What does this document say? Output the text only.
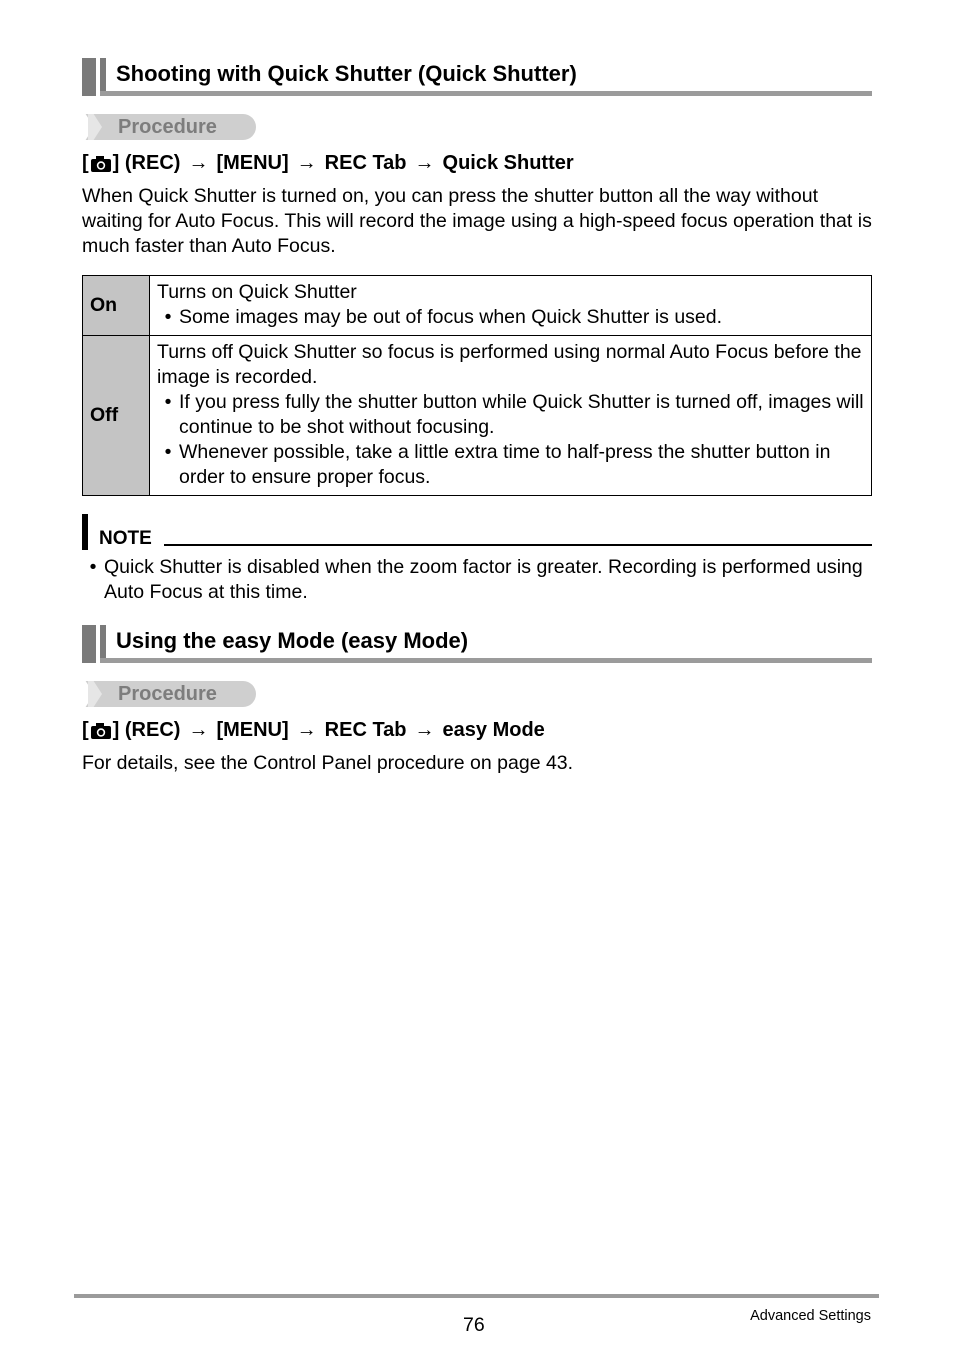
Shooting with Quick Shutter (Quick Shutter)
Procedure
[ ] (REC) → [MENU] → REC Tab → Quick Shutter
When Quick Shutter is turned on, you can press the shutter button all the way without waiting for Auto Focus. This will record the image using a high-speed focus operation that is much faster than Auto Focus.
On	Turns on Quick Shutter
• Some images may be out of focus when Quick Shutter is used.

Off	Turns off Quick Shutter so focus is performed using normal Auto Focus before the image is recorded.
• If you press fully the shutter button while Quick Shutter is turned off, images will continue to be shot without focusing.
• Whenever possible, take a little extra time to half-press the shutter button in order to ensure proper focus.
NOTE
• Quick Shutter is disabled when the zoom factor is greater. Recording is performed using Auto Focus at this time.
Using the easy Mode (easy Mode)
Procedure
[ ] (REC) → [MENU] → REC Tab → easy Mode
For details, see the Control Panel procedure on page 43.
76	Advanced Settings
